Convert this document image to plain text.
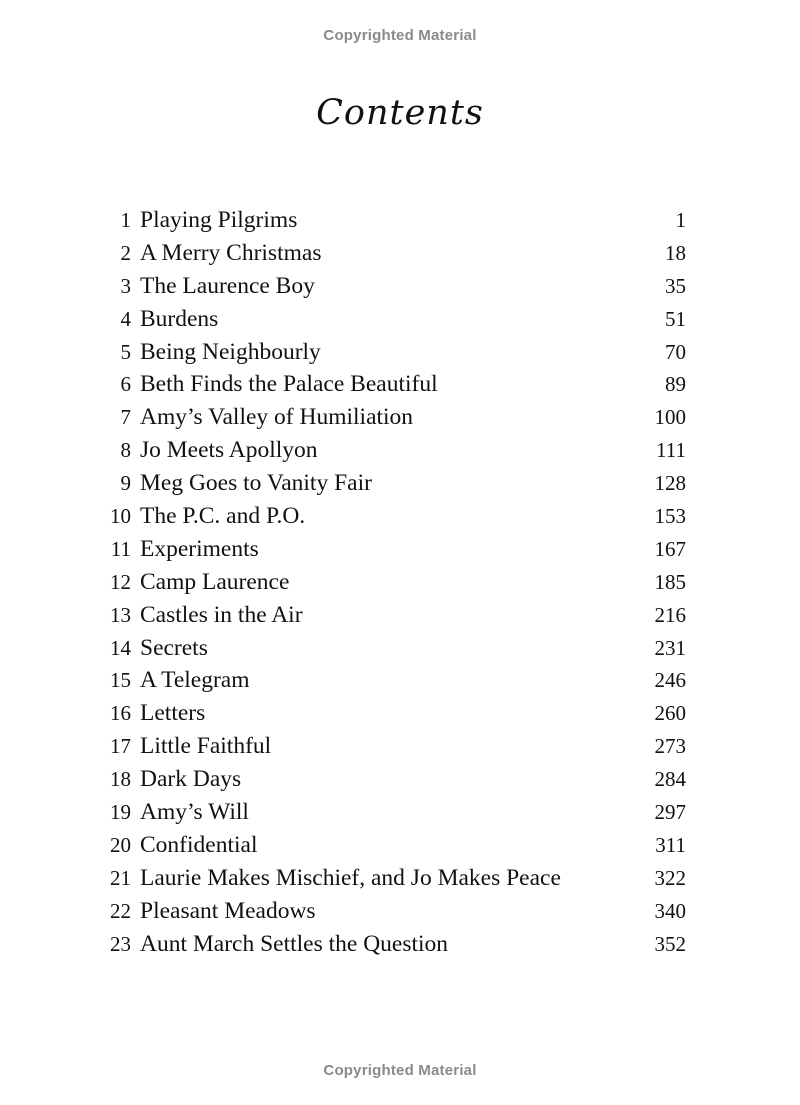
Copyrighted Material
Contents
1 Playing Pilgrims	1
2 A Merry Christmas	18
3 The Laurence Boy	35
4 Burdens	51
5 Being Neighbourly	70
6 Beth Finds the Palace Beautiful	89
7 Amy’s Valley of Humiliation	100
8 Jo Meets Apollyon	111
9 Meg Goes to Vanity Fair	128
10 The P.C. and P.O.	153
11 Experiments	167
12 Camp Laurence	185
13 Castles in the Air	216
14 Secrets	231
15 A Telegram	246
16 Letters	260
17 Little Faithful	273
18 Dark Days	284
19 Amy’s Will	297
20 Confidential	311
21 Laurie Makes Mischief, and Jo Makes Peace	322
22 Pleasant Meadows	340
23 Aunt March Settles the Question	352
Copyrighted Material
